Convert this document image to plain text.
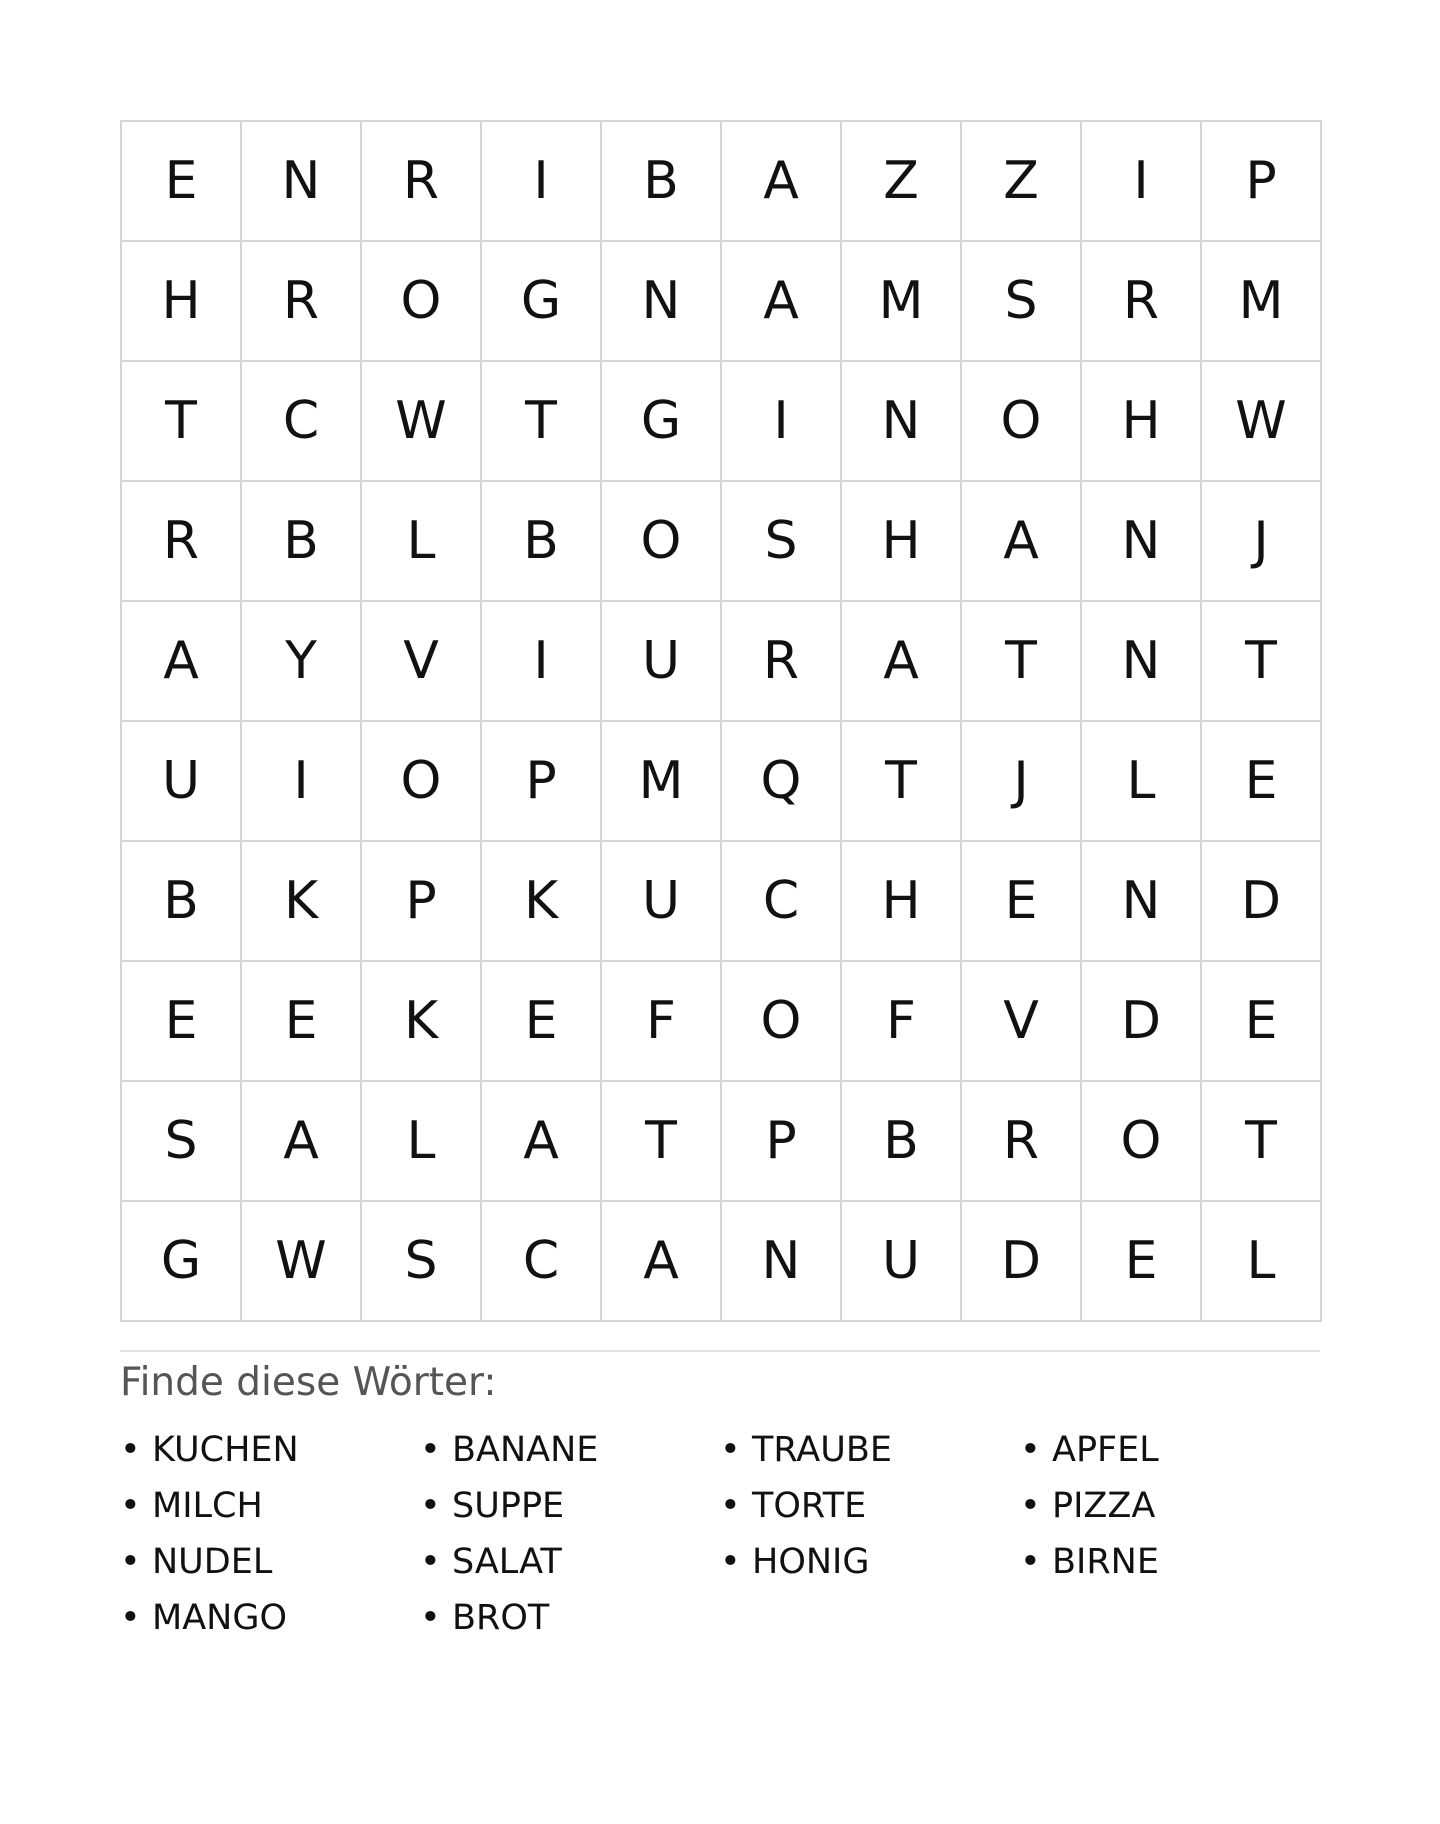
E	N	R	I	B	A	Z	Z	I	P
H	R	O	G	N	A	M	S	R	M
T	C	W	T	G	I	N	O	H	W
R	B	L	B	O	S	H	A	N	J
A	Y	V	I	U	R	A	T	N	T
U	I	O	P	M	Q	T	J	L	E
B	K	P	K	U	C	H	E	N	D
E	E	K	E	F	O	F	V	D	E
S	A	L	A	T	P	B	R	O	T
G	W	S	C	A	N	U	D	E	L
Finde diese Wörter:
• KUCHEN	• BANANE	• TRAUBE	• APFEL
• MILCH	• SUPPE	• TORTE	• PIZZA
• NUDEL	• SALAT	• HONIG	• BIRNE
• MANGO	• BROT
